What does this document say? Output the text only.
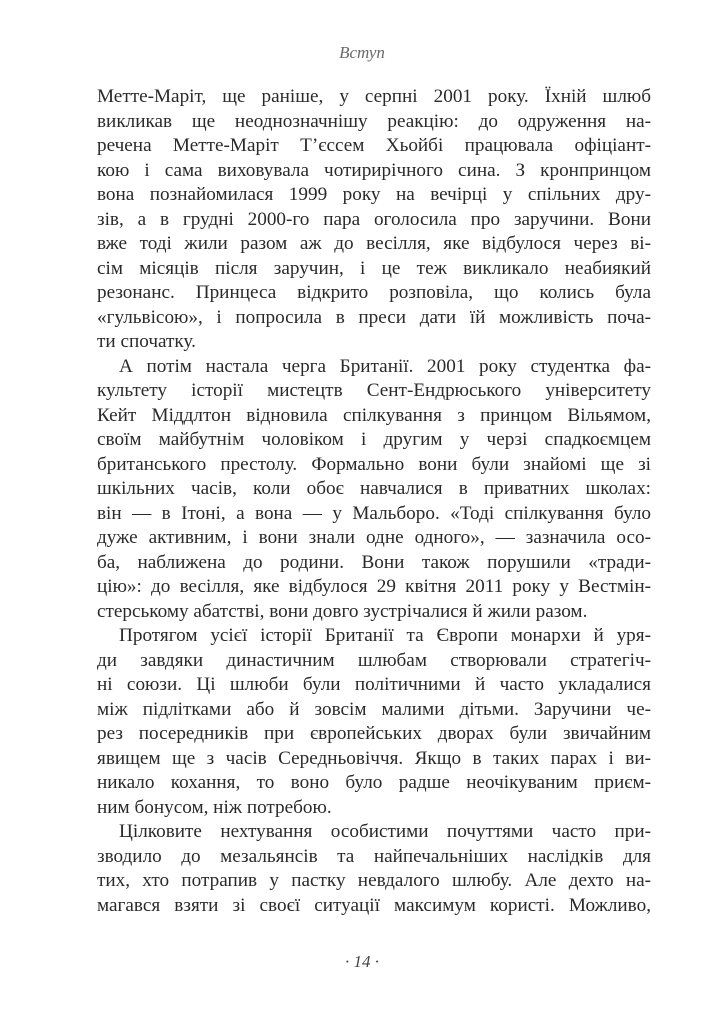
Вступ
Метте-Маріт, ще раніше, у серпні 2001 року. Їхній шлюб
викликав ще неоднозначнішу реакцію: до одруження на-
речена Метте-Маріт Т’єссем Хьойбі працювала офіціант-
кою і сама виховувала чотирирічного сина. З кронпринцом
вона познайомилася 1999 року на вечірці у спільних дру-
зів, а в грудні 2000-го пара оголосила про заручини. Вони
вже тоді жили разом аж до весілля, яке відбулося через ві-
сім місяців після заручин, і це теж викликало неабиякий
резонанс. Принцеса відкрито розповіла, що колись була
«гульвісою», і попросила в преси дати їй можливість поча-
ти спочатку.
А потім настала черга Британії. 2001 року студентка фа-
культету історії мистецтв Сент-Ендрюського університету
Кейт Міддлтон відновила спілкування з принцом Вільямом,
своїм майбутнім чоловіком і другим у черзі спадкоємцем
британського престолу. Формально вони були знайомі ще зі
шкільних часів, коли обоє навчалися в приватних школах:
він — в Ітоні, а вона — у Мальборо. «Тоді спілкування було
дуже активним, і вони знали одне одного», — зазначила осо-
ба, наближена до родини. Вони також порушили «тради-
цію»: до весілля, яке відбулося 29 квітня 2011 року у Вестмін-
стерському абатстві, вони довго зустрічалися й жили разом.
Протягом усієї історії Британії та Європи монархи й уря-
ди завдяки династичним шлюбам створювали стратегіч-
ні союзи. Ці шлюби були політичними й часто укладалися
між підлітками або й зовсім малими дітьми. Заручини че-
рез посередників при європейських дворах були звичайним
явищем ще з часів Середньовіччя. Якщо в таких парах і ви-
никало кохання, то воно було радше неочікуваним приєм-
ним бонусом, ніж потребою.
Цілковите нехтування особистими почуттями часто при-
зводило до мезальянсів та найпечальніших наслідків для
тих, хто потрапив у пастку невдалого шлюбу. Але дехто на-
магався взяти зі своєї ситуації максимум користі. Можливо,
· 14 ·
